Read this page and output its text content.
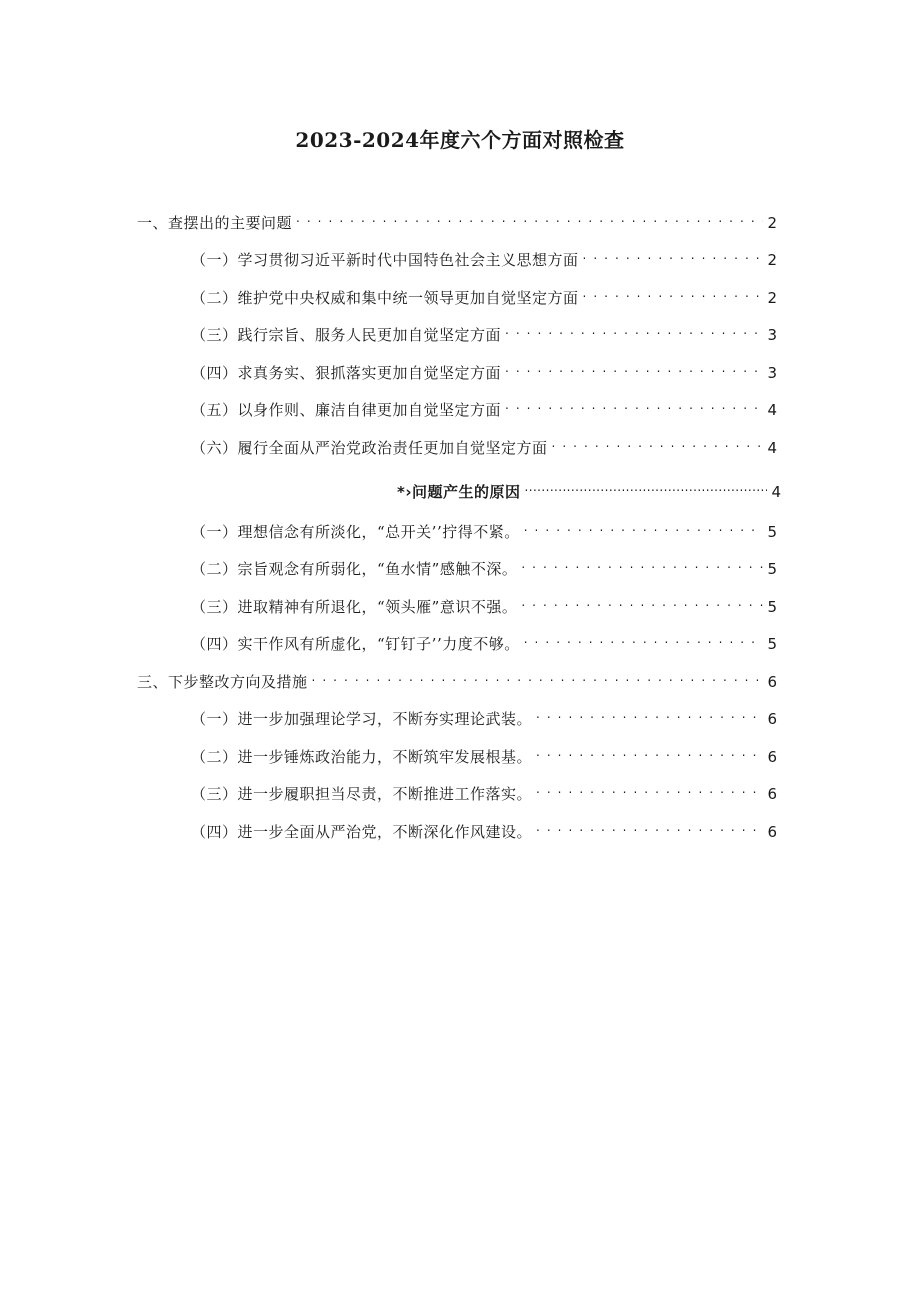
2023-2024年度六个方面对照检查
一、查摆出的主要问题 . . .	2
（一）学习贯彻习近平新时代中国特色社会主义思想方面 . . .	2
（二）维护党中央权威和集中统一领导更加自觉坚定方面 . . .	2
（三）践行宗旨、服务人民更加自觉坚定方面 . . .	3
（四）求真务实、狠抓落实更加自觉坚定方面 . . .	3
（五）以身作则、廉洁自律更加自觉坚定方面 . . .	4
（六）履行全面从严治党政治责任更加自觉坚定方面 . . .	4
*›问题产生的原因 .....	4
（一）理想信念有所淡化，“总开关’’拧得不紧。 . . .	5
（二）宗旨观念有所弱化，“鱼水情”感触不深。 . . .	5
（三）进取精神有所退化，“领头雁”意识不强。 . . .	5
（四）实干作风有所虚化，“钉钉子’’力度不够。 . . .	5
三、下步整改方向及措施 . . .	6
（一）进一步加强理论学习，不断夯实理论武装。 . . .	6
（二）进一步锤炼政治能力，不断筑牢发展根基。 . . .	6
（三）进一步履职担当尽责，不断推进工作落实。 . . .	6
（四）进一步全面从严治党，不断深化作风建设。 . . .	6
